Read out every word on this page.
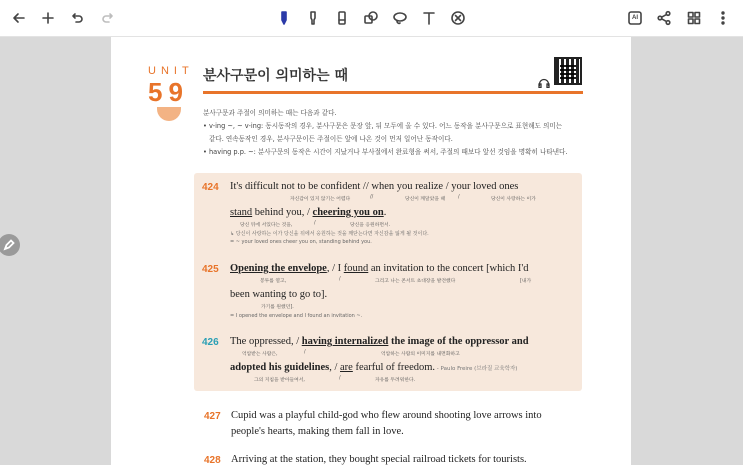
AI
UNIT
59
분사구문이 의미하는 때

분사구문과 주절이 의미하는 때는 다음과 같다.

• v-ing ~, ~ v-ing: 동시동작의 경우, 분사구문은 문장 앞, 뒤 모두에 올 수 있다. 어느 동작을 분사구문으로 표현해도 의미는

같다. 연속동작인 경우, 분사구문이든 주절이든 앞에 나온 것이 먼저 일어난 동작이다.

• having p.p. ~: 분사구문의 동작은 시간이 지났거나 부사절에서 완료형을 써서, 주절의 때보다 앞선 것임을 명확히 나타낸다.

424 It's difficult not to be confident // when you realize / your loved ones
자신감이 있지 않기는 어렵다	//	당신이 깨달았을 때	/	당신이 사랑하는 이가
stand behind you, / cheering you on.
당신 뒤에 서있다는 것을,	/	당신을 응원하면서.
↳ 당신이 사랑하는 이가 당신을 뒤에서 응원하는 것을 깨닫는다면 자신감을 잃게 될 것이다.
= ~ your loved ones cheer you on, standing behind you.
425 Opening the envelope, / I found an invitation to the concert [which I'd
봉투를 열고,	/	그리고 나는 콘서트 초대장을 발견했다	[내가
been wanting to go to].
가기를 원했던].
= I opened the envelope and I found an invitation ~.
426 The oppressed, / having internalized the image of the oppressor and
억압받는 사람은,	/	억압하는 사람의 이미지를 내면화하고
adopted his guidelines, / are fearful of freedom. - Paulo Freire (브라질 교육학자)
그의 지침을 받아들여서,	/	자유를 두려워한다.
427 Cupid was a playful child-god who flew around shooting love arrows into
people's hearts, making them fall in love.
428 Arriving at the station, they bought special railroad tickets for tourists.
